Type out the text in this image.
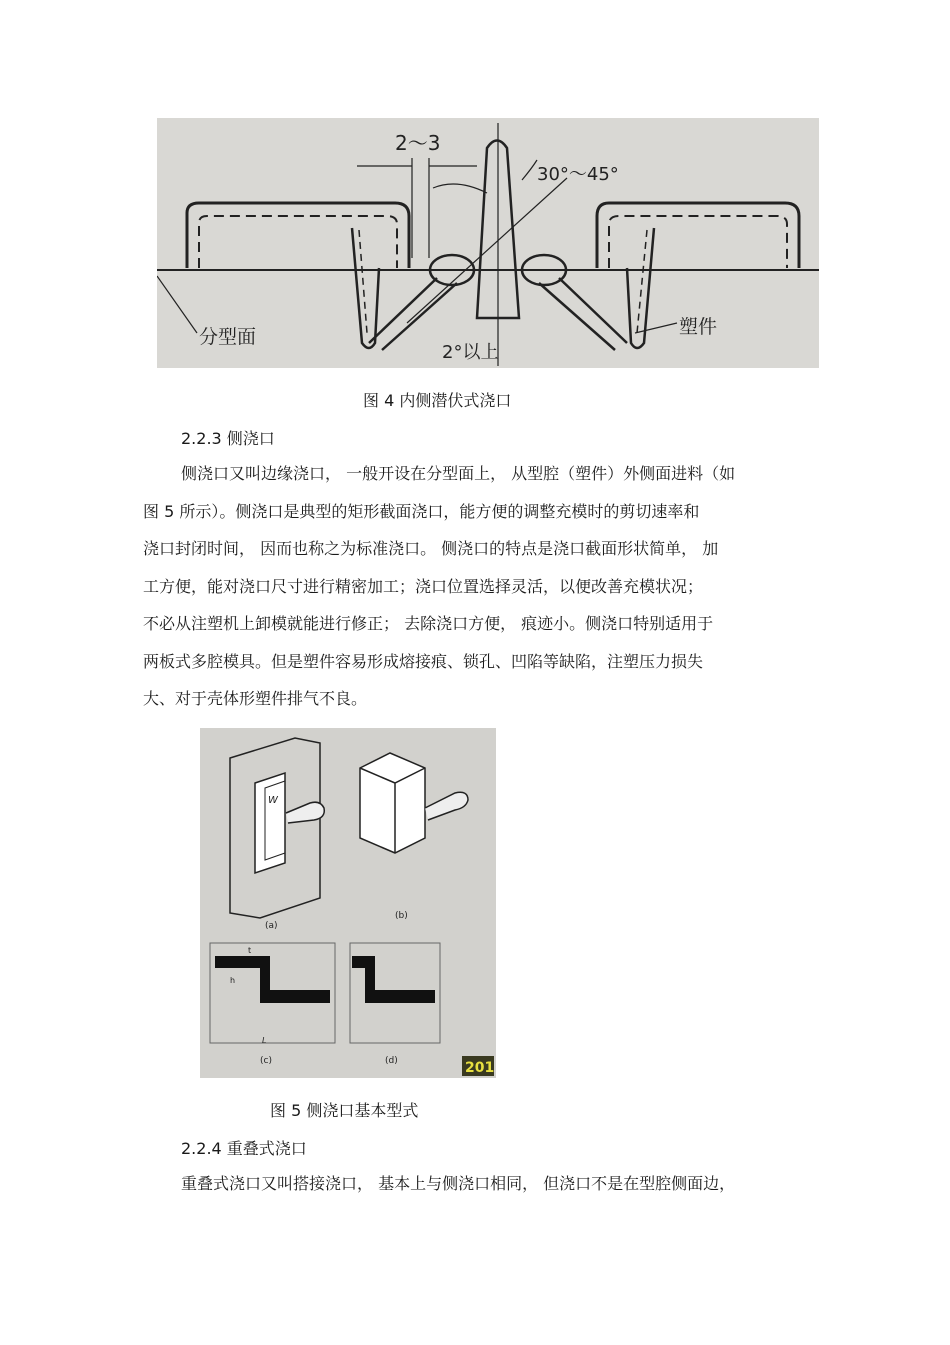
2～3
30°～45°
2°以上
分型面	塑件
图 4 内侧潜伏式浇口
2.2.3 侧浇口
侧浇口又叫边缘浇口， 一般开设在分型面上， 从型腔（塑件）外侧面进料（如
图 5 所示）。侧浇口是典型的矩形截面浇口，能方便的调整充模时的剪切速率和
浇口封闭时间， 因而也称之为标准浇口。 侧浇口的特点是浇口截面形状简单， 加
工方便，能对浇口尺寸进行精密加工；浇口位置选择灵活，以便改善充模状况；
不必从注塑机上卸模就能进行修正； 去除浇口方便， 痕迹小。侧浇口特别适用于
两板式多腔模具。但是塑件容易形成熔接痕、锁孔、凹陷等缺陷，注塑压力损失
大、对于壳体形塑件排气不良。
W
(a)
(b)
t
h
L
(c)	(d)	201
图 5 侧浇口基本型式
2.2.4 重叠式浇口
重叠式浇口又叫搭接浇口， 基本上与侧浇口相同， 但浇口不是在型腔侧面边，
